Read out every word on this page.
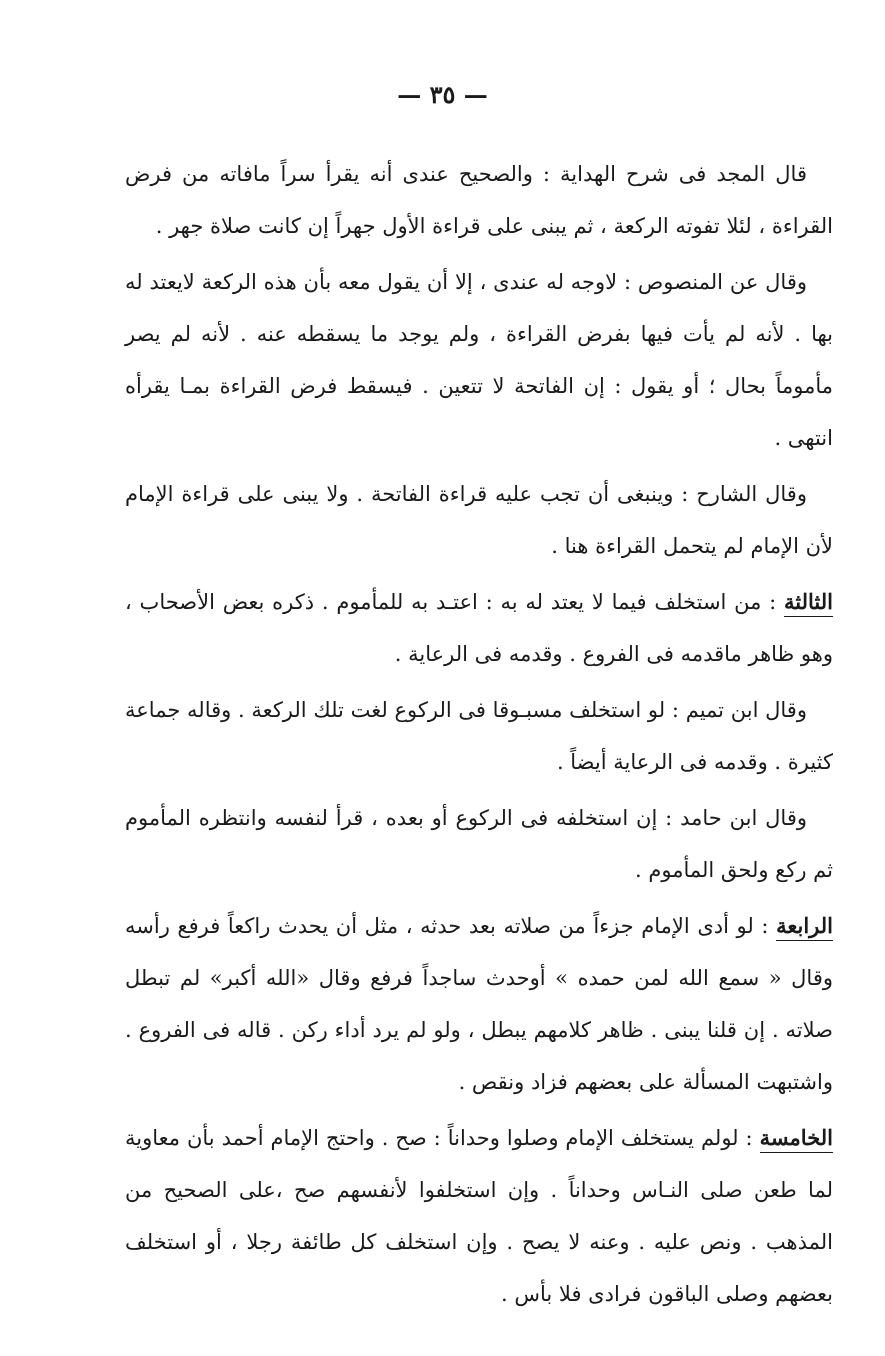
— ٣٥ —

قال المجد فى شرح الهداية : والصحيح عندى أنه يقرأ سراً مافاته من فرض القراءة ، لئلا تفوته الركعة ، ثم يبنى على قراءة الأول جهراً إن كانت صلاة جهر .

وقال عن المنصوص : لاوجه له عندى ، إلا أن يقول معه بأن هذه الركعة لايعتد له بها . لأنه لم يأت فيها بفرض القراءة ، ولم يوجد ما يسقطه عنه . لأنه لم يصر مأموماً بحال ؛ أو يقول : إن الفاتحة لا تتعين . فيسقط فرض القراءة بمـا يقرأه انتهى .

وقال الشارح : وينبغى أن تجب عليه قراءة الفاتحة . ولا يبنى على قراءة الإمام لأن الإمام لم يتحمل القراءة هنا .

الثالثة : من استخلف فيما لا يعتد له به : اعتـد به للمأموم . ذكره بعض الأصحاب ، وهو ظاهر ماقدمه فى الفروع . وقدمه فى الرعاية .

وقال ابن تميم : لو استخلف مسبـوقا فى الركوع لغت تلك الركعة . وقاله جماعة كثيرة . وقدمه فى الرعاية أيضاً .

وقال ابن حامد : إن استخلفه فى الركوع أو بعده ، قرأ لنفسه وانتظره المأموم ثم ركع ولحق المأموم .

الرابعة : لو أدى الإمام جزءاً من صلاته بعد حدثه ، مثل أن يحدث راكعاً فرفع رأسه وقال « سمع الله لمن حمده » أوحدث ساجداً فرفع وقال «الله أكبر» لم تبطل صلاته . إن قلنا يبنى . ظاهر كلامهم يبطل ، ولو لم يرد أداء ركن . قاله فى الفروع . واشتبهت المسألة على بعضهم فزاد ونقص .

الخامسة : لولم يستخلف الإمام وصلوا وحداناً : صح . واحتج الإمام أحمد بأن معاوية لما طعن صلى النـاس وحداناً . وإن استخلفوا لأنفسهم صح ،على الصحيح من المذهب . ونص عليه . وعنه لا يصح . وإن استخلف كل طائفة رجلا ، أو استخلف بعضهم وصلى الباقون فرادى فلا بأس .
